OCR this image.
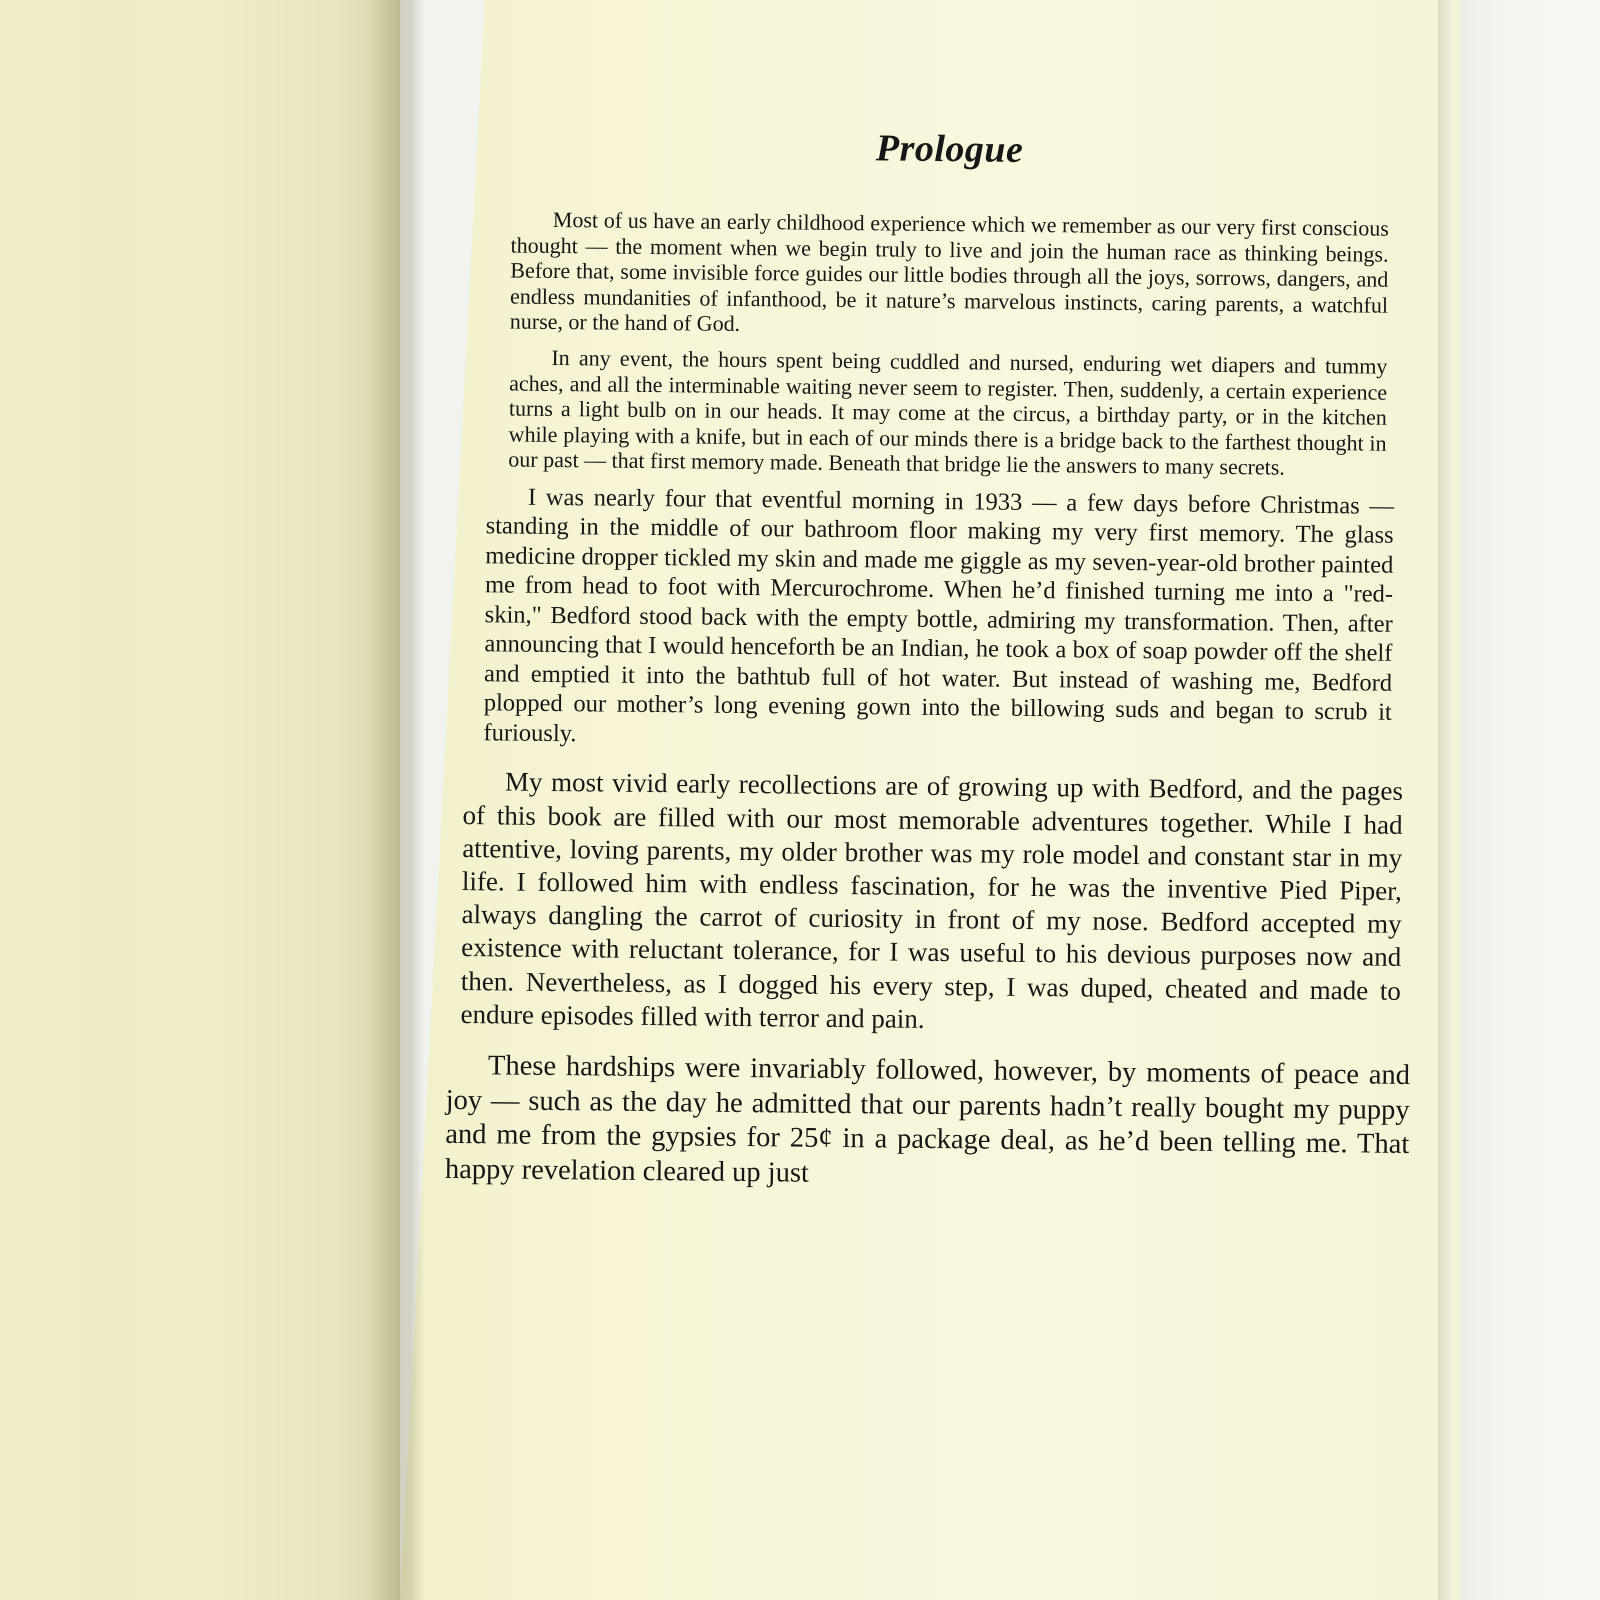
Prologue

Most of us have an early childhood experience which we remember as our very first conscious thought — the moment when we begin truly to live and join the human race as thinking beings. Before that, some invisible force guides our little bodies through all the joys, sorrows, dangers, and endless mundanities of infanthood, be it nature’s marvelous instincts, caring parents, a watchful nurse, or the hand of God.

In any event, the hours spent being cuddled and nursed, enduring wet diapers and tummy aches, and all the interminable waiting never seem to register. Then, suddenly, a certain experience turns a light bulb on in our heads. It may come at the circus, a birthday party, or in the kitchen while playing with a knife, but in each of our minds there is a bridge back to the farthest thought in our past — that first memory made. Beneath that bridge lie the answers to many secrets.

I was nearly four that eventful morning in 1933 — a few days before Christmas — standing in the middle of our bathroom floor making my very first memory. The glass medicine dropper tickled my skin and made me giggle as my seven-year-old brother painted me from head to foot with Mercurochrome. When he’d finished turning me into a "red-skin," Bedford stood back with the empty bottle, admiring my transformation. Then, after announcing that I would henceforth be an Indian, he took a box of soap powder off the shelf and emptied it into the bathtub full of hot water. But instead of washing me, Bedford plopped our mother’s long evening gown into the billowing suds and began to scrub it furiously.

My most vivid early recollections are of growing up with Bedford, and the pages of this book are filled with our most memorable adventures together. While I had attentive, loving parents, my older brother was my role model and constant star in my life. I followed him with endless fascination, for he was the inventive Pied Piper, always dangling the carrot of curiosity in front of my nose. Bedford accepted my existence with reluctant tolerance, for I was useful to his devious purposes now and then. Nevertheless, as I dogged his every step, I was duped, cheated and made to endure episodes filled with terror and pain.

These hardships were invariably followed, however, by moments of peace and joy — such as the day he admitted that our parents hadn’t really bought my puppy and me from the gypsies for 25¢ in a package deal, as he’d been telling me. That happy revelation cleared up just
